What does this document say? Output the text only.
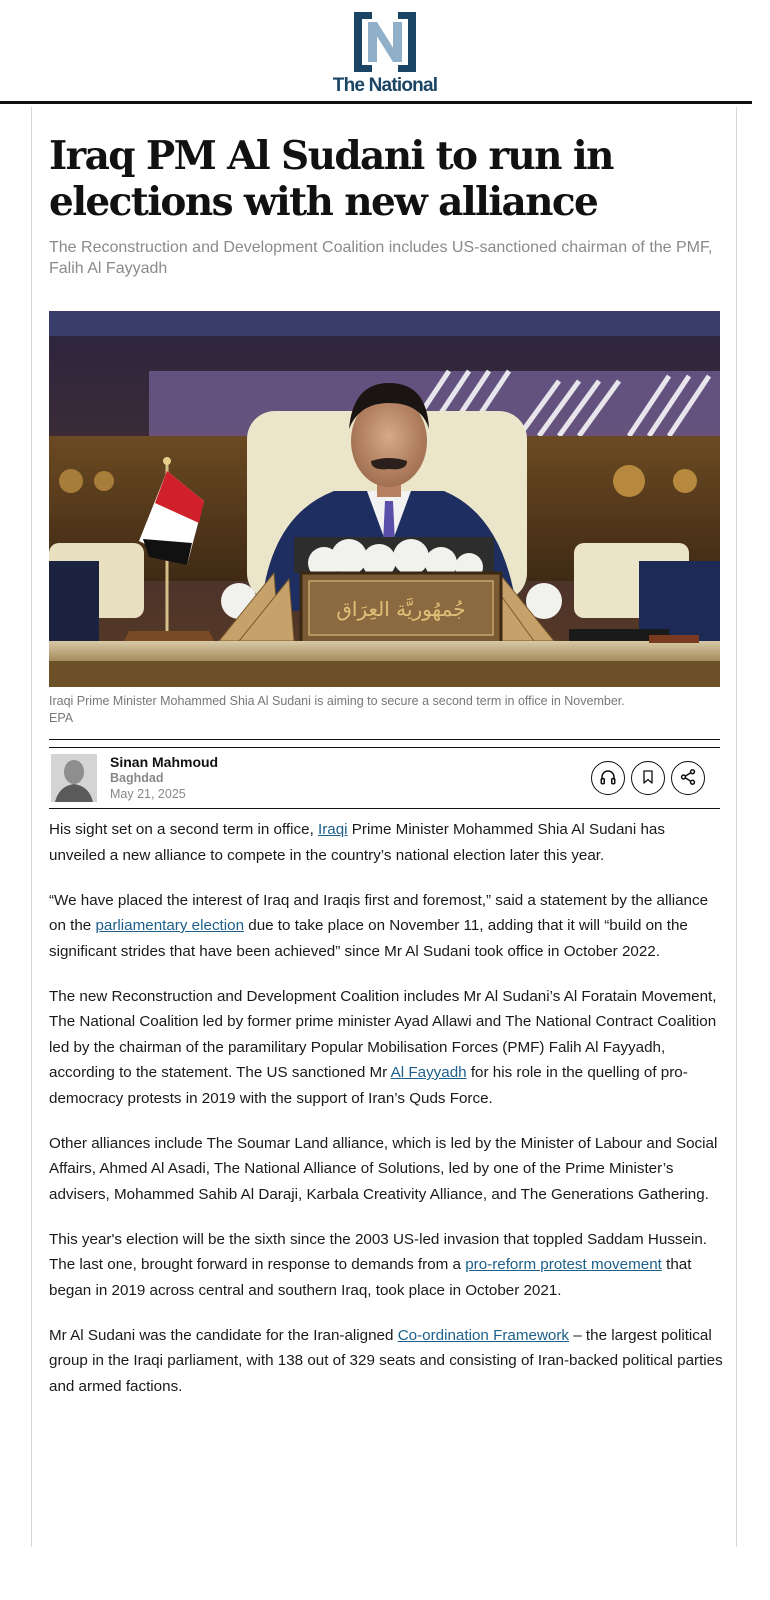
The National
Iraq PM Al Sudani to run in elections with new alliance

The Reconstruction and Development Coalition includes US-sanctioned chairman of the PMF, Falih Al Fayyadh

جُمهُوريَّة العِرَاق

Iraqi Prime Minister Mohammed Shia Al Sudani is aiming to secure a second term in office in November.
EPA

Sinan Mahmoud
Baghdad
May 21, 2025

His sight set on a second term in office, Iraqi Prime Minister Mohammed Shia Al Sudani has unveiled a new alliance to compete in the country’s national election later this year.

“We have placed the interest of Iraq and Iraqis first and foremost,” said a statement by the alliance on the parliamentary election due to take place on November 11, adding that it will “build on the significant strides that have been achieved” since Mr Al Sudani took office in October 2022.

The new Reconstruction and Development Coalition includes Mr Al Sudani’s Al Foratain Movement, The National Coalition led by former prime minister Ayad Allawi and The National Contract Coalition led by the chairman of the paramilitary Popular Mobilisation Forces (PMF) Falih Al Fayyadh, according to the statement. The US sanctioned Mr Al Fayyadh for his role in the quelling of pro-democracy protests in 2019 with the support of Iran’s Quds Force.

Other alliances include The Soumar Land alliance, which is led by the Minister of Labour and Social Affairs, Ahmed Al Asadi, The National Alliance of Solutions, led by one of the Prime Minister’s advisers, Mohammed Sahib Al Daraji, Karbala Creativity Alliance, and The Generations Gathering.

This year's election will be the sixth since the 2003 US-led invasion that toppled Saddam Hussein. The last one, brought forward in response to demands from a pro-reform protest movement that began in 2019 across central and southern Iraq, took place in October 2021.

Mr Al Sudani was the candidate for the Iran-aligned Co-ordination Framework – the largest political group in the Iraqi parliament, with 138 out of 329 seats and consisting of Iran-backed political parties and armed factions.
